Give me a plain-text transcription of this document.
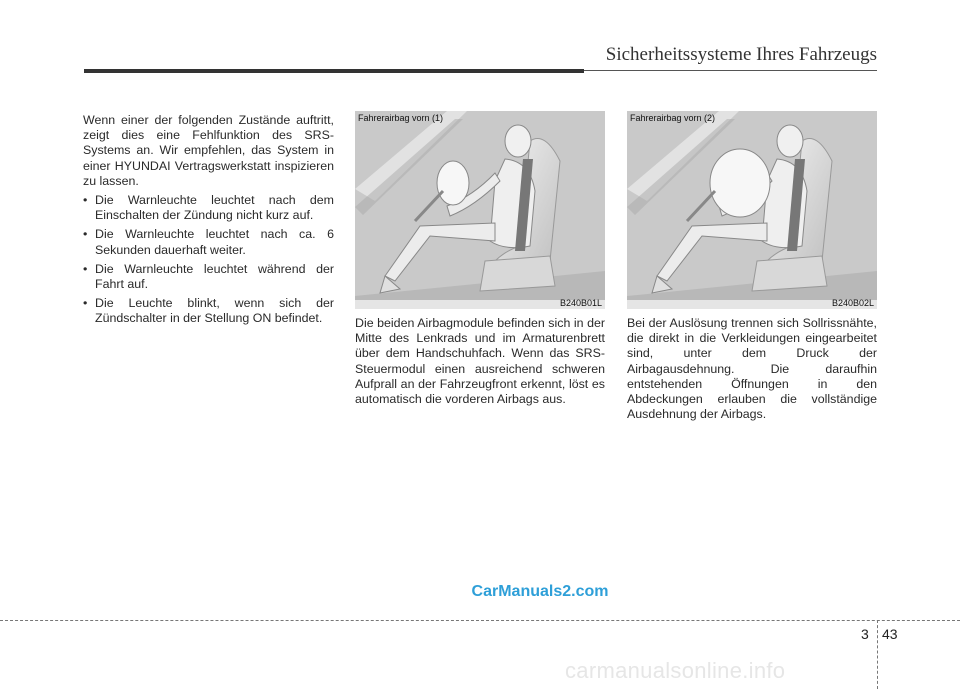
Sicherheitssysteme Ihres Fahrzeugs

Wenn einer der folgenden Zustände auftritt, zeigt dies eine Fehlfunktion des SRS-Systems an. Wir empfehlen, das System in einer HYUNDAI Vertragswerkstatt inspizieren zu lassen.

• Die Warnleuchte leuchtet nach dem Einschalten der Zündung nicht kurz auf.
• Die Warnleuchte leuchtet nach ca. 6 Sekunden dauerhaft weiter.
• Die Warnleuchte leuchtet während der Fahrt auf.
• Die Leuchte blinkt, wenn sich der Zündschalter in der Stellung ON befindet.
Fahrerairbag vorn (1)
B240B01L
Fahrerairbag vorn (2)
B240B02L

Die beiden Airbagmodule befinden sich in der Mitte des Lenkrads und im Armaturenbrett über dem Handschuhfach. Wenn das SRS-Steuermodul einen ausreichend schweren Aufprall an der Fahrzeugfront erkennt, löst es automatisch die vorderen Airbags aus.

Bei der Auslösung trennen sich Sollrissnähte, die direkt in die Verkleidungen eingearbeitet sind, unter dem Druck der Airbagausdehnung. Die daraufhin entstehenden Öffnungen in den Abdeckungen erlauben die vollständige Ausdehnung der Airbags.

CarManuals2.com
3 43
carmanualsonline.info
